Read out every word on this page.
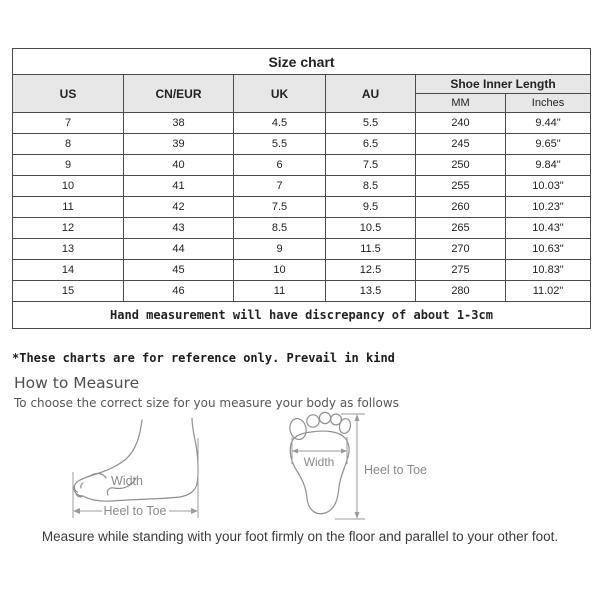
Size chart					
US	CN/EUR	UK	AU	Shoe Inner Length	
				MM	Inches
7	38	4.5	5.5	240	9.44"
8	39	5.5	6.5	245	9.65"
9	40	6	7.5	250	9.84"
10	41	7	8.5	255	10.03"
11	42	7.5	9.5	260	10.23"
12	43	8.5	10.5	265	10.43"
13	44	9	11.5	270	10.63"
14	45	10	12.5	275	10.83"
15	46	11	13.5	280	11.02"
Hand measurement will have discrepancy of about 1-3cm					
*These charts are for reference only. Prevail in kind
How to Measure
To choose the correct size for you measure your body as follows
Width
Heel to Toe
Width
Heel to Toe
Measure while standing with your foot firmly on the floor and parallel to your other foot.
